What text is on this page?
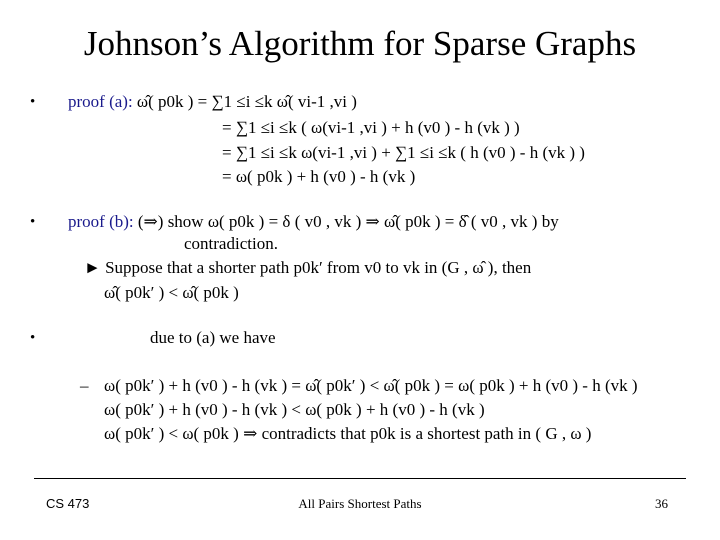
Johnson’s Algorithm for Sparse Graphs
• proof (a): ω̂( p0k ) = ∑1 ≤i ≤k ω̂( vi-1 ,vi )
= ∑1 ≤i ≤k ( ω(vi-1 ,vi ) + h (v0 ) - h (vk ) )
= ∑1 ≤i ≤k ω(vi-1 ,vi ) + ∑1 ≤i ≤k ( h (v0 ) - h (vk ) )
= ω( p0k ) + h (v0 ) - h (vk )
• proof (b): (⇒) show ω( p0k ) = δ ( v0 , vk ) ⇒ ω̂( p0k ) = δ̂ ( v0 , vk ) by
contradiction.
► Suppose that a shorter path p0k′ from v0 to vk in (G , ω̂ ), then
ω̂( p0k′ ) < ω̂( p0k )
•	due to (a) we have
– ω( p0k′ ) + h (v0 ) - h (vk ) = ω̂( p0k′ ) < ω̂( p0k ) = ω( p0k ) + h (v0 ) - h (vk )
ω( p0k′ ) + h (v0 ) - h (vk ) < ω( p0k ) + h (v0 ) - h (vk )
ω( p0k′ ) < ω( p0k ) ⇒ contradicts that p0k is a shortest path in ( G , ω )
CS 473	All Pairs Shortest Paths	36
